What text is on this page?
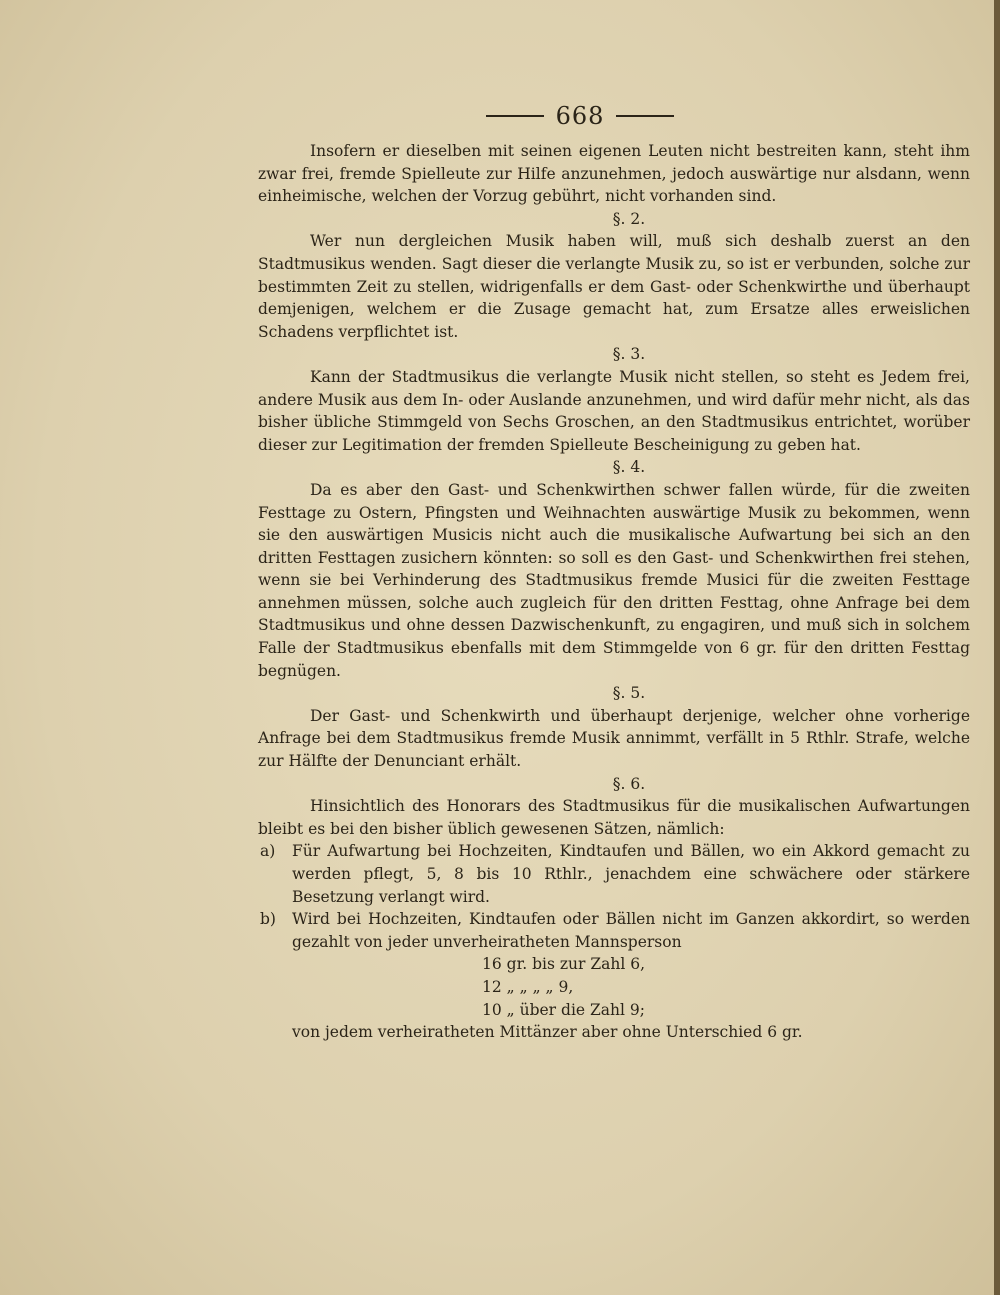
668

Insofern er dieselben mit seinen eigenen Leuten nicht bestreiten kann, steht ihm zwar frei, fremde Spielleute zur Hilfe anzunehmen, jedoch auswärtige nur alsdann, wenn einheimische, welchen der Vorzug gebührt, nicht vorhanden sind.

§. 2.

Wer nun dergleichen Musik haben will, muß sich deshalb zuerst an den Stadtmusikus wenden. Sagt dieser die verlangte Musik zu, so ist er verbunden, solche zur bestimmten Zeit zu stellen, widrigenfalls er dem Gast- oder Schenkwirthe und überhaupt demjenigen, welchem er die Zusage gemacht hat, zum Ersatze alles erweislichen Schadens verpflichtet ist.

§. 3.

Kann der Stadtmusikus die verlangte Musik nicht stellen, so steht es Jedem frei, andere Musik aus dem In- oder Auslande anzunehmen, und wird dafür mehr nicht, als das bisher übliche Stimmgeld von Sechs Groschen, an den Stadtmusikus entrichtet, worüber dieser zur Legitimation der fremden Spielleute Bescheinigung zu geben hat.

§. 4.

Da es aber den Gast- und Schenkwirthen schwer fallen würde, für die zweiten Festtage zu Ostern, Pfingsten und Weihnachten auswärtige Musik zu bekommen, wenn sie den auswärtigen Musicis nicht auch die musikalische Aufwartung bei sich an den dritten Festtagen zusichern könnten: so soll es den Gast- und Schenkwirthen frei stehen, wenn sie bei Verhinderung des Stadtmusikus fremde Musici für die zweiten Festtage annehmen müssen, solche auch zugleich für den dritten Festtag, ohne Anfrage bei dem Stadtmusikus und ohne dessen Dazwischenkunft, zu engagiren, und muß sich in solchem Falle der Stadtmusikus ebenfalls mit dem Stimmgelde von 6 gr. für den dritten Festtag begnügen.

§. 5.

Der Gast- und Schenkwirth und überhaupt derjenige, welcher ohne vorherige Anfrage bei dem Stadtmusikus fremde Musik annimmt, verfällt in 5 Rthlr. Strafe, welche zur Hälfte der Denunciant erhält.

§. 6.

Hinsichtlich des Honorars des Stadtmusikus für die musikalischen Aufwartungen bleibt es bei den bisher üblich gewesenen Sätzen, nämlich:

a)	Für Aufwartung bei Hochzeiten, Kindtaufen und Bällen, wo ein Akkord gemacht zu werden pflegt, 5, 8 bis 10 Rthlr., jenachdem eine schwächere oder stärkere Besetzung verlangt wird.
b)	Wird bei Hochzeiten, Kindtaufen oder Bällen nicht im Ganzen akkordirt, so werden gezahlt von jeder unverheiratheten Mannsperson

16 gr. bis zur Zahl 6,

12 „ „ „ „ 9,

10 „ über die Zahl 9;

von jedem verheiratheten Mittänzer aber ohne Unterschied 6 gr.
